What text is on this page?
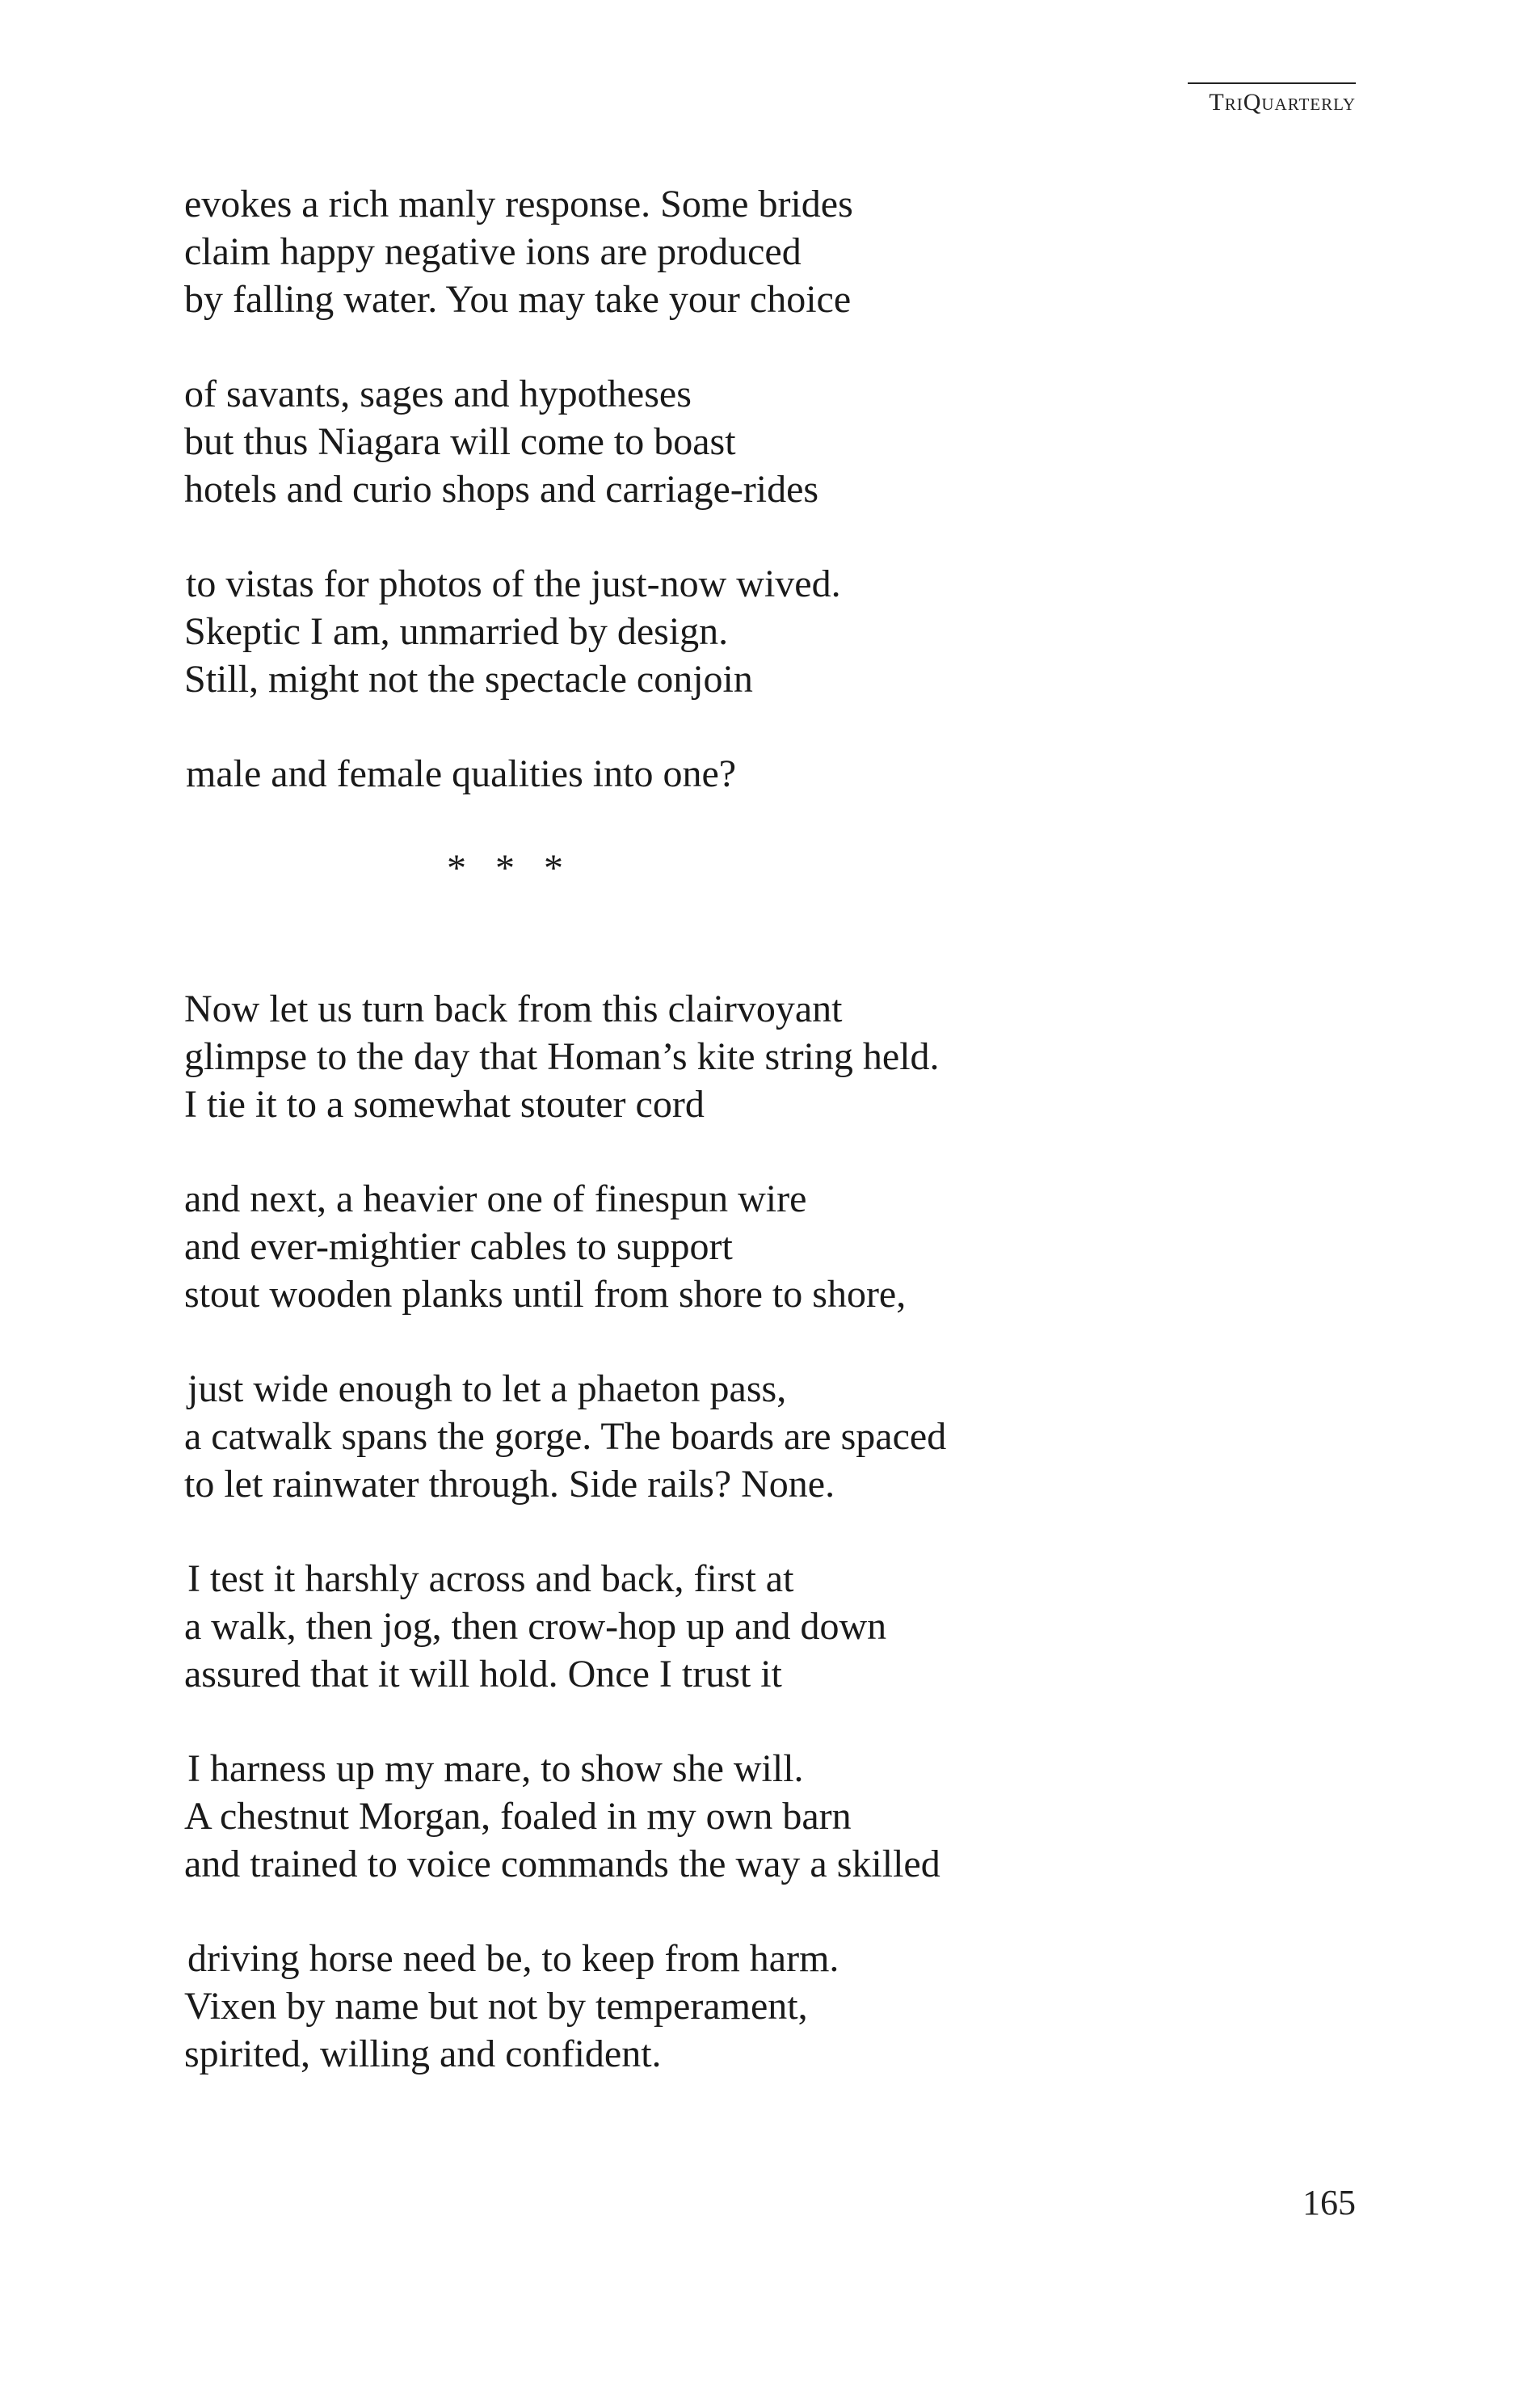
TriQuarterly
evokes a rich manly response. Some brides
claim happy negative ions are produced
by falling water. You may take your choice
of savants, sages and hypotheses
but thus Niagara will come to boast
hotels and curio shops and carriage-rides
to vistas for photos of the just-now wived.
Skeptic I am, unmarried by design.
Still, might not the spectacle conjoin
male and female qualities into one?
* * *
Now let us turn back from this clairvoyant
glimpse to the day that Homan’s kite string held.
I tie it to a somewhat stouter cord
and next, a heavier one of finespun wire
and ever-mightier cables to support
stout wooden planks until from shore to shore,
just wide enough to let a phaeton pass,
a catwalk spans the gorge. The boards are spaced
to let rainwater through. Side rails? None.
I test it harshly across and back, first at
a walk, then jog, then crow-hop up and down
assured that it will hold. Once I trust it
I harness up my mare, to show she will.
A chestnut Morgan, foaled in my own barn
and trained to voice commands the way a skilled
driving horse need be, to keep from harm.
Vixen by name but not by temperament,
spirited, willing and confident.
165
